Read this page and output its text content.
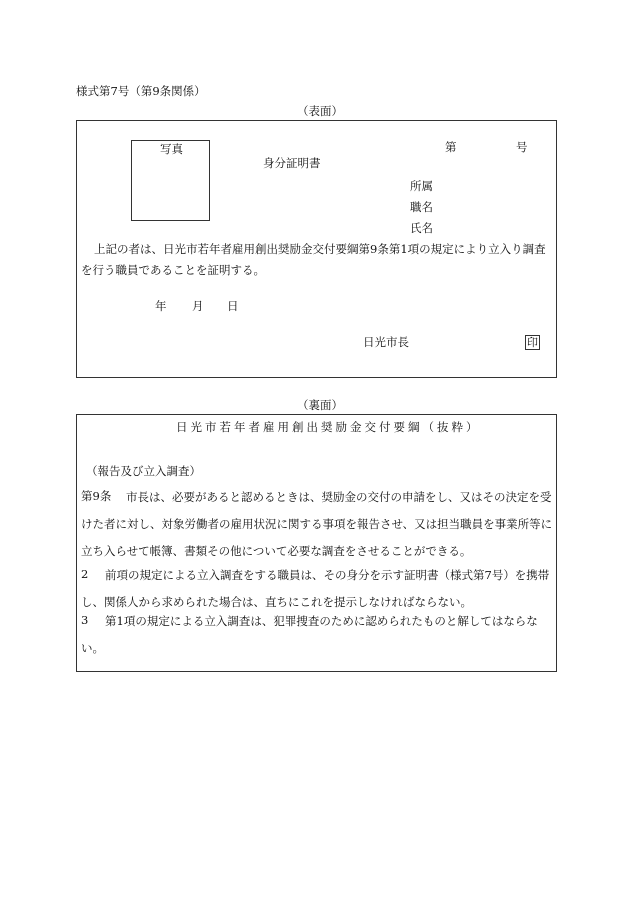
様式第7号（第9条関係）
（表面）
写真	第	号
身分証明書
所属
職名
氏名
上記の者は、日光市若年者雇用創出奨励金交付要綱第9条第1項の規定により立入り調査
を行う職員であることを証明する。
年 月 日
日光市長	印
（裏面）
日光市若年者雇用創出奨励金交付要綱（抜粋）
（報告及び立入調査）
第9条	市長は、必要があると認めるときは、奨励金の交付の申請をし、又はその決定を受けた者に対し、対象労働者の雇用状況に関する事項を報告させ、又は担当職員を事業所等に立ち入らせて帳簿、書類その他について必要な調査をさせることができる。
2	前項の規定による立入調査をする職員は、その身分を示す証明書（様式第7号）を携帯し、関係人から求められた場合は、直ちにこれを提示しなければならない。
3	第1項の規定による立入調査は、犯罪捜査のために認められたものと解してはならない。
